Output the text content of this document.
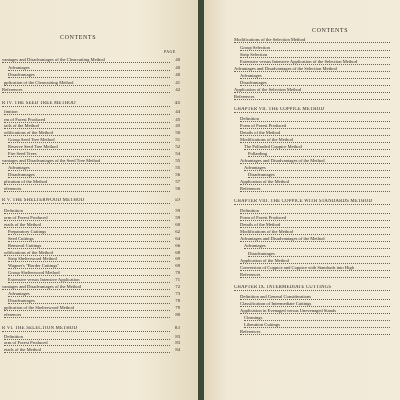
CONTENTS
PAGE
vantages and Disadvantages of the Clearcutting Method	40
Advantages	40
Disadvantages	40
pplication of the Clearcutting Method	41
References	42
R IV. THE SEED TREE METHOD	44
finition	44
rm of Forest Produced	45
tails of the Method	45
odifications of the Method	50
Group Seed Tree Method	51
Reserve Seed Tree Method	52
Fire Seed Trees	54
vantages and Disadvantages of the Seed Tree Method	55
Advantages	55
Disadvantages	56
plication of the Method	57
eferences	58
R V. THE SHELTERWOOD METHOD	59
Definition	59
orm of Forest Produced	59
etails of the Method	60
Preparatory Cuttings	62
Seed Cuttings	64
Removal Cuttings	66
odifications of the Method	68
Strip Shelterwood Method	69
Wagner's "Border Cuttings"	69
Group Shelterwood Method	70
Extensive versus Intensive Application	71
vantages and Disadvantages of the Method	72
Advantages	73
Disadvantages	78
pplication of the Shelterwood Method	79
eferences	80
R VI. THE SELECTION METHOD	83
Definition	83
orm of Forest Produced	83
etails of the Method	84
CONTENTS
Modifications of the Selection Method
Group Selection
Strip Selection
Extensive versus Intensive Application of the Selection Method
Advantages and Disadvantages of the Selection Method
Advantages
Disadvantages
Application of the Selection Method
References
CHAPTER VII. THE COPPICE METHOD
Definition
Form of Forest Produced
Details of the Method
Modifications of the Method
The Pollarded Coppice Method
Pollarding
Advantages and Disadvantages of the Method
Advantages
Disadvantages
Application of the Method
References
CHAPTER VIII. THE COPPICE WITH STANDARDS METHOD
Definition
Form of Forest Produced
Details of the Method
Modifications of the Method
Advantages and Disadvantages of the Method
Advantages
Disadvantages
Application of the Method
Conversion of Coppice and Coppice with Standards into High
References
CHAPTER IX. INTERMEDIATE CUTTINGS
Definition and General Considerations
Classification of Intermediate Cuttings
Application in Evenaged versus Unevenaged Stands
Cleanings
Liberation Cuttings
References
